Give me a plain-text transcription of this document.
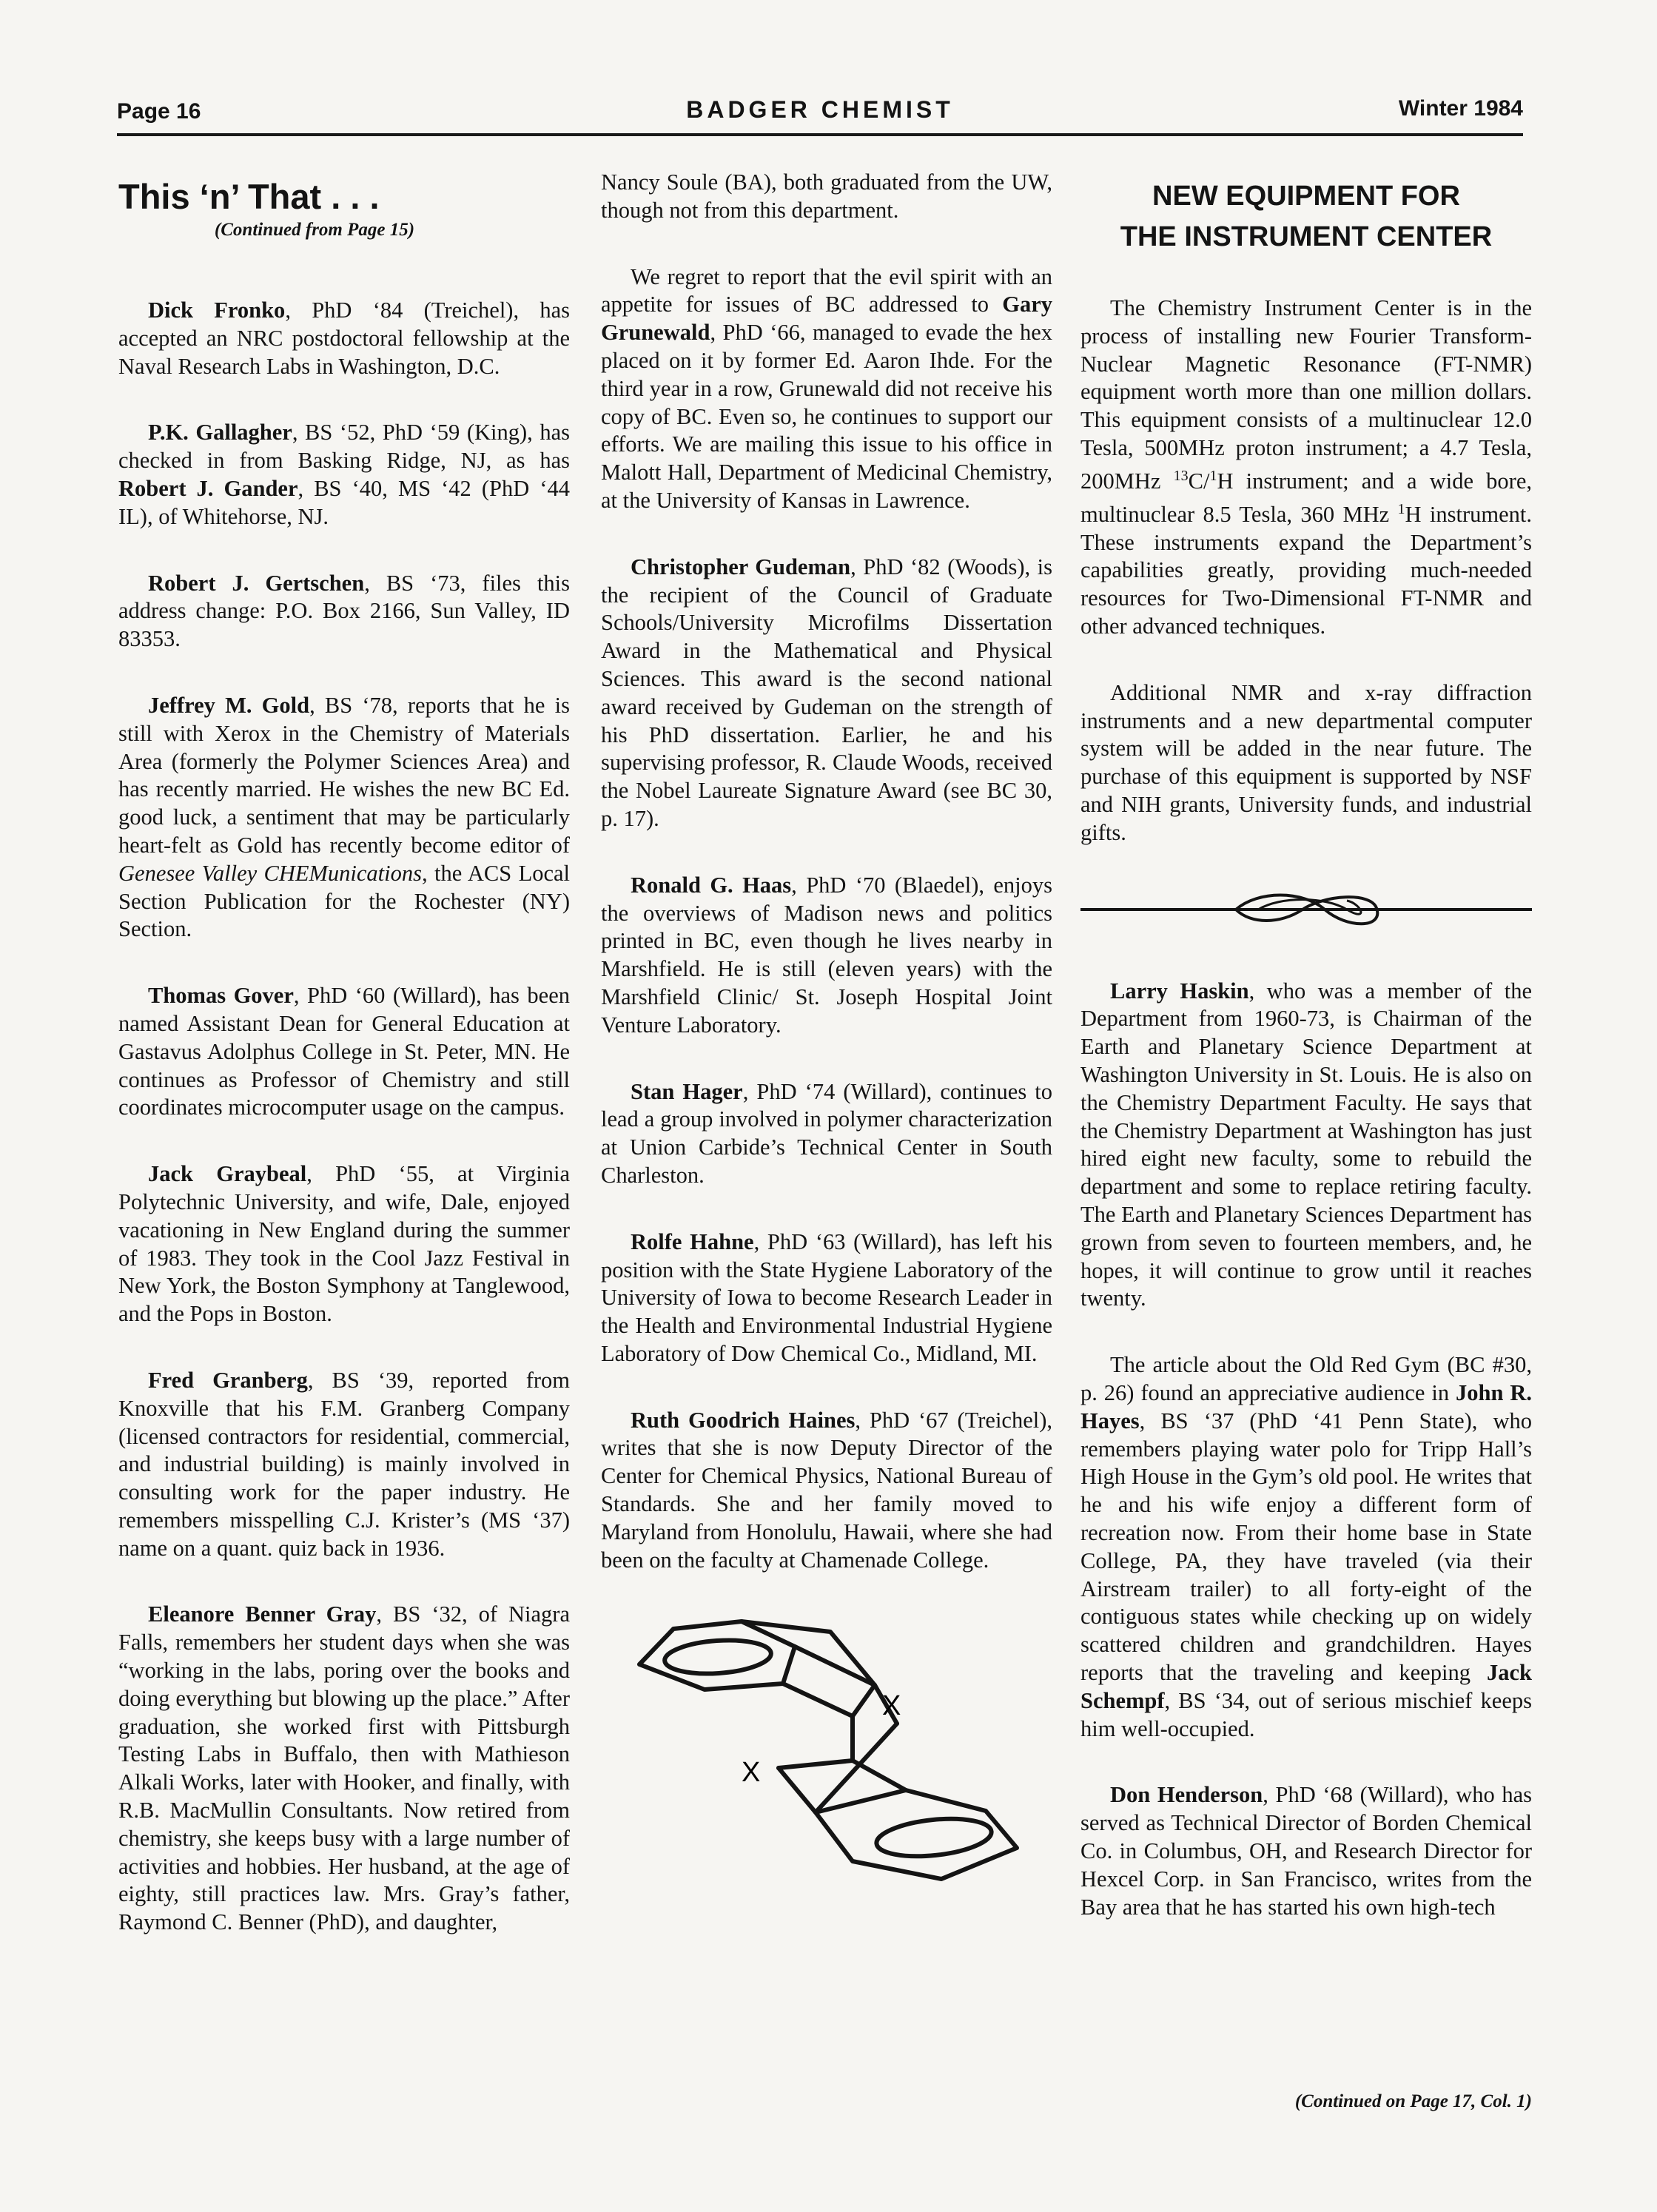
Page 16	BADGER CHEMIST	Winter 1984
This ‘n’ That . . .
(Continued from Page 15)

Dick Fronko, PhD ‘84 (Treichel), has accepted an NRC postdoctoral fellowship at the Naval Research Labs in Washington, D.C.

P.K. Gallagher, BS ‘52, PhD ‘59 (King), has checked in from Basking Ridge, NJ, as has Robert J. Gander, BS ‘40, MS ‘42 (PhD ‘44 IL), of Whitehorse, NJ.

Robert J. Gertschen, BS ‘73, files this address change: P.O. Box 2166, Sun Valley, ID 83353.

Jeffrey M. Gold, BS ‘78, reports that he is still with Xerox in the Chemistry of Materials Area (formerly the Polymer Sciences Area) and has recently married. He wishes the new BC Ed. good luck, a sentiment that may be particularly heart-felt as Gold has recently become editor of Genesee Valley CHEMunications, the ACS Local Section Publication for the Rochester (NY) Section.

Thomas Gover, PhD ‘60 (Willard), has been named Assistant Dean for General Education at Gastavus Adolphus College in St. Peter, MN. He continues as Professor of Chemistry and still coordinates microcomputer usage on the campus.

Jack Graybeal, PhD ‘55, at Virginia Polytechnic University, and wife, Dale, enjoyed vacationing in New England during the summer of 1983. They took in the Cool Jazz Festival in New York, the Boston Symphony at Tanglewood, and the Pops in Boston.

Fred Granberg, BS ‘39, reported from Knoxville that his F.M. Granberg Company (licensed contractors for residential, commercial, and industrial building) is mainly involved in consulting work for the paper industry. He remembers misspelling C.J. Krister’s (MS ‘37) name on a quant. quiz back in 1936.

Eleanore Benner Gray, BS ‘32, of Niagra Falls, remembers her student days when she was “working in the labs, poring over the books and doing everything but blowing up the place.” After graduation, she worked first with Pittsburgh Testing Labs in Buffalo, then with Mathieson Alkali Works, later with Hooker, and finally, with R.B. MacMullin Consultants. Now retired from chemistry, she keeps busy with a large number of activities and hobbies. Her husband, at the age of eighty, still practices law. Mrs. Gray’s father, Raymond C. Benner (PhD), and daughter,

Nancy Soule (BA), both graduated from the UW, though not from this department.

We regret to report that the evil spirit with an appetite for issues of BC addressed to Gary Grunewald, PhD ‘66, managed to evade the hex placed on it by former Ed. Aaron Ihde. For the third year in a row, Grunewald did not receive his copy of BC. Even so, he continues to support our efforts. We are mailing this issue to his office in Malott Hall, Department of Medicinal Chemistry, at the University of Kansas in Lawrence.

Christopher Gudeman, PhD ‘82 (Woods), is the recipient of the Council of Graduate Schools/University Microfilms Dissertation Award in the Mathematical and Physical Sciences. This award is the second national award received by Gudeman on the strength of his PhD dissertation. Earlier, he and his supervising professor, R. Claude Woods, received the Nobel Laureate Signature Award (see BC 30, p. 17).

Ronald G. Haas, PhD ‘70 (Blaedel), enjoys the overviews of Madison news and politics printed in BC, even though he lives nearby in Marshfield. He is still (eleven years) with the Marshfield Clinic/ St. Joseph Hospital Joint Venture Laboratory.

Stan Hager, PhD ‘74 (Willard), continues to lead a group involved in polymer characterization at Union Carbide’s Technical Center in South Charleston.

Rolfe Hahne, PhD ‘63 (Willard), has left his position with the State Hygiene Laboratory of the University of Iowa to become Research Leader in the Health and Environmental Industrial Hygiene Laboratory of Dow Chemical Co., Midland, MI.

Ruth Goodrich Haines, PhD ‘67 (Treichel), writes that she is now Deputy Director of the Center for Chemical Physics, National Bureau of Standards. She and her family moved to Maryland from Honolulu, Hawaii, where she had been on the faculty at Chamenade College.

X
X
NEW EQUIPMENT FOR
THE INSTRUMENT CENTER

The Chemistry Instrument Center is in the process of installing new Fourier Transform-Nuclear Magnetic Resonance (FT-NMR) equipment worth more than one million dollars. This equipment consists of a multinuclear 12.0 Tesla, 500MHz proton instrument; a 4.7 Tesla, 200MHz $^{13}$C/$^1$H instrument; and a wide bore, multinuclear 8.5 Tesla, 360 MHz $^1$H instrument. These instruments expand the Department’s capabilities greatly, providing much-needed resources for Two-Dimensional FT-NMR and other advanced techniques.

Additional NMR and x-ray diffraction instruments and a new departmental computer system will be added in the near future. The purchase of this equipment is supported by NSF and NIH grants, University funds, and industrial gifts.

Larry Haskin, who was a member of the Department from 1960-73, is Chairman of the Earth and Planetary Science Department at Washington University in St. Louis. He is also on the Chemistry Department Faculty. He says that the Chemistry Department at Washington has just hired eight new faculty, some to rebuild the department and some to replace retiring faculty. The Earth and Planetary Sciences Department has grown from seven to fourteen members, and, he hopes, it will continue to grow until it reaches twenty.

The article about the Old Red Gym (BC #30, p. 26) found an appreciative audience in John R. Hayes, BS ‘37 (PhD ‘41 Penn State), who remembers playing water polo for Tripp Hall’s High House in the Gym’s old pool. He writes that he and his wife enjoy a different form of recreation now. From their home base in State College, PA, they have traveled (via their Airstream trailer) to all forty-eight of the contiguous states while checking up on widely scattered children and grandchildren. Hayes reports that the traveling and keeping Jack Schempf, BS ‘34, out of serious mischief keeps him well-occupied.

Don Henderson, PhD ‘68 (Willard), who has served as Technical Director of Borden Chemical Co. in Columbus, OH, and Research Director for Hexcel Corp. in San Francisco, writes from the Bay area that he has started his own high-tech

(Continued on Page 17, Col. 1)
